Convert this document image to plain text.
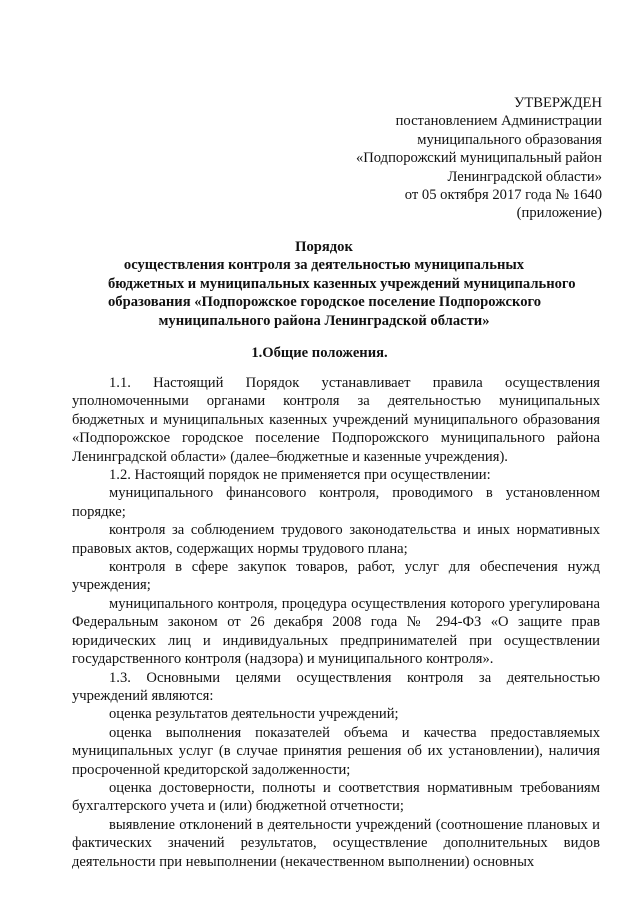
УТВЕРЖДЕН
постановлением Администрации
муниципального образования
«Подпорожский муниципальный район
Ленинградской области»
от 05 октября 2017 года № 1640
(приложение)
Порядок
осуществления контроля за деятельностью муниципальных
бюджетных и муниципальных казенных учреждений муниципального
образования «Подпорожское городское поселение Подпорожского
муниципального района Ленинградской области»
1.Общие положения.

1.1. Настоящий Порядок устанавливает правила осуществления уполномоченными органами контроля за деятельностью муниципальных бюджетных и муниципальных казенных учреждений муниципального образования «Подпорожское городское поселение Подпорожского муниципального района Ленинградской области» (далее–бюджетные и казенные учреждения).

1.2. Настоящий порядок не применяется при осуществлении:

муниципального финансового контроля, проводимого в установленном порядке;

контроля за соблюдением трудового законодательства и иных нормативных правовых актов, содержащих нормы трудового плана;

контроля в сфере закупок товаров, работ, услуг для обеспечения нужд учреждения;

муниципального контроля, процедура осуществления которого урегулирована Федеральным законом от 26 декабря 2008 года № 294-ФЗ «О защите прав юридических лиц и индивидуальных предпринимателей при осуществлении государственного контроля (надзора) и муниципального контроля».

1.3. Основными целями осуществления контроля за деятельностью учреждений являются:

оценка результатов деятельности учреждений;

оценка выполнения показателей объема и качества предоставляемых муниципальных услуг (в случае принятия решения об их установлении), наличия просроченной кредиторской задолженности;

оценка достоверности, полноты и соответствия нормативным требованиям бухгалтерского учета и (или) бюджетной отчетности;

выявление отклонений в деятельности учреждений (соотношение плановых и фактических значений результатов, осуществление дополнительных видов деятельности при невыполнении (некачественном выполнении) основных
